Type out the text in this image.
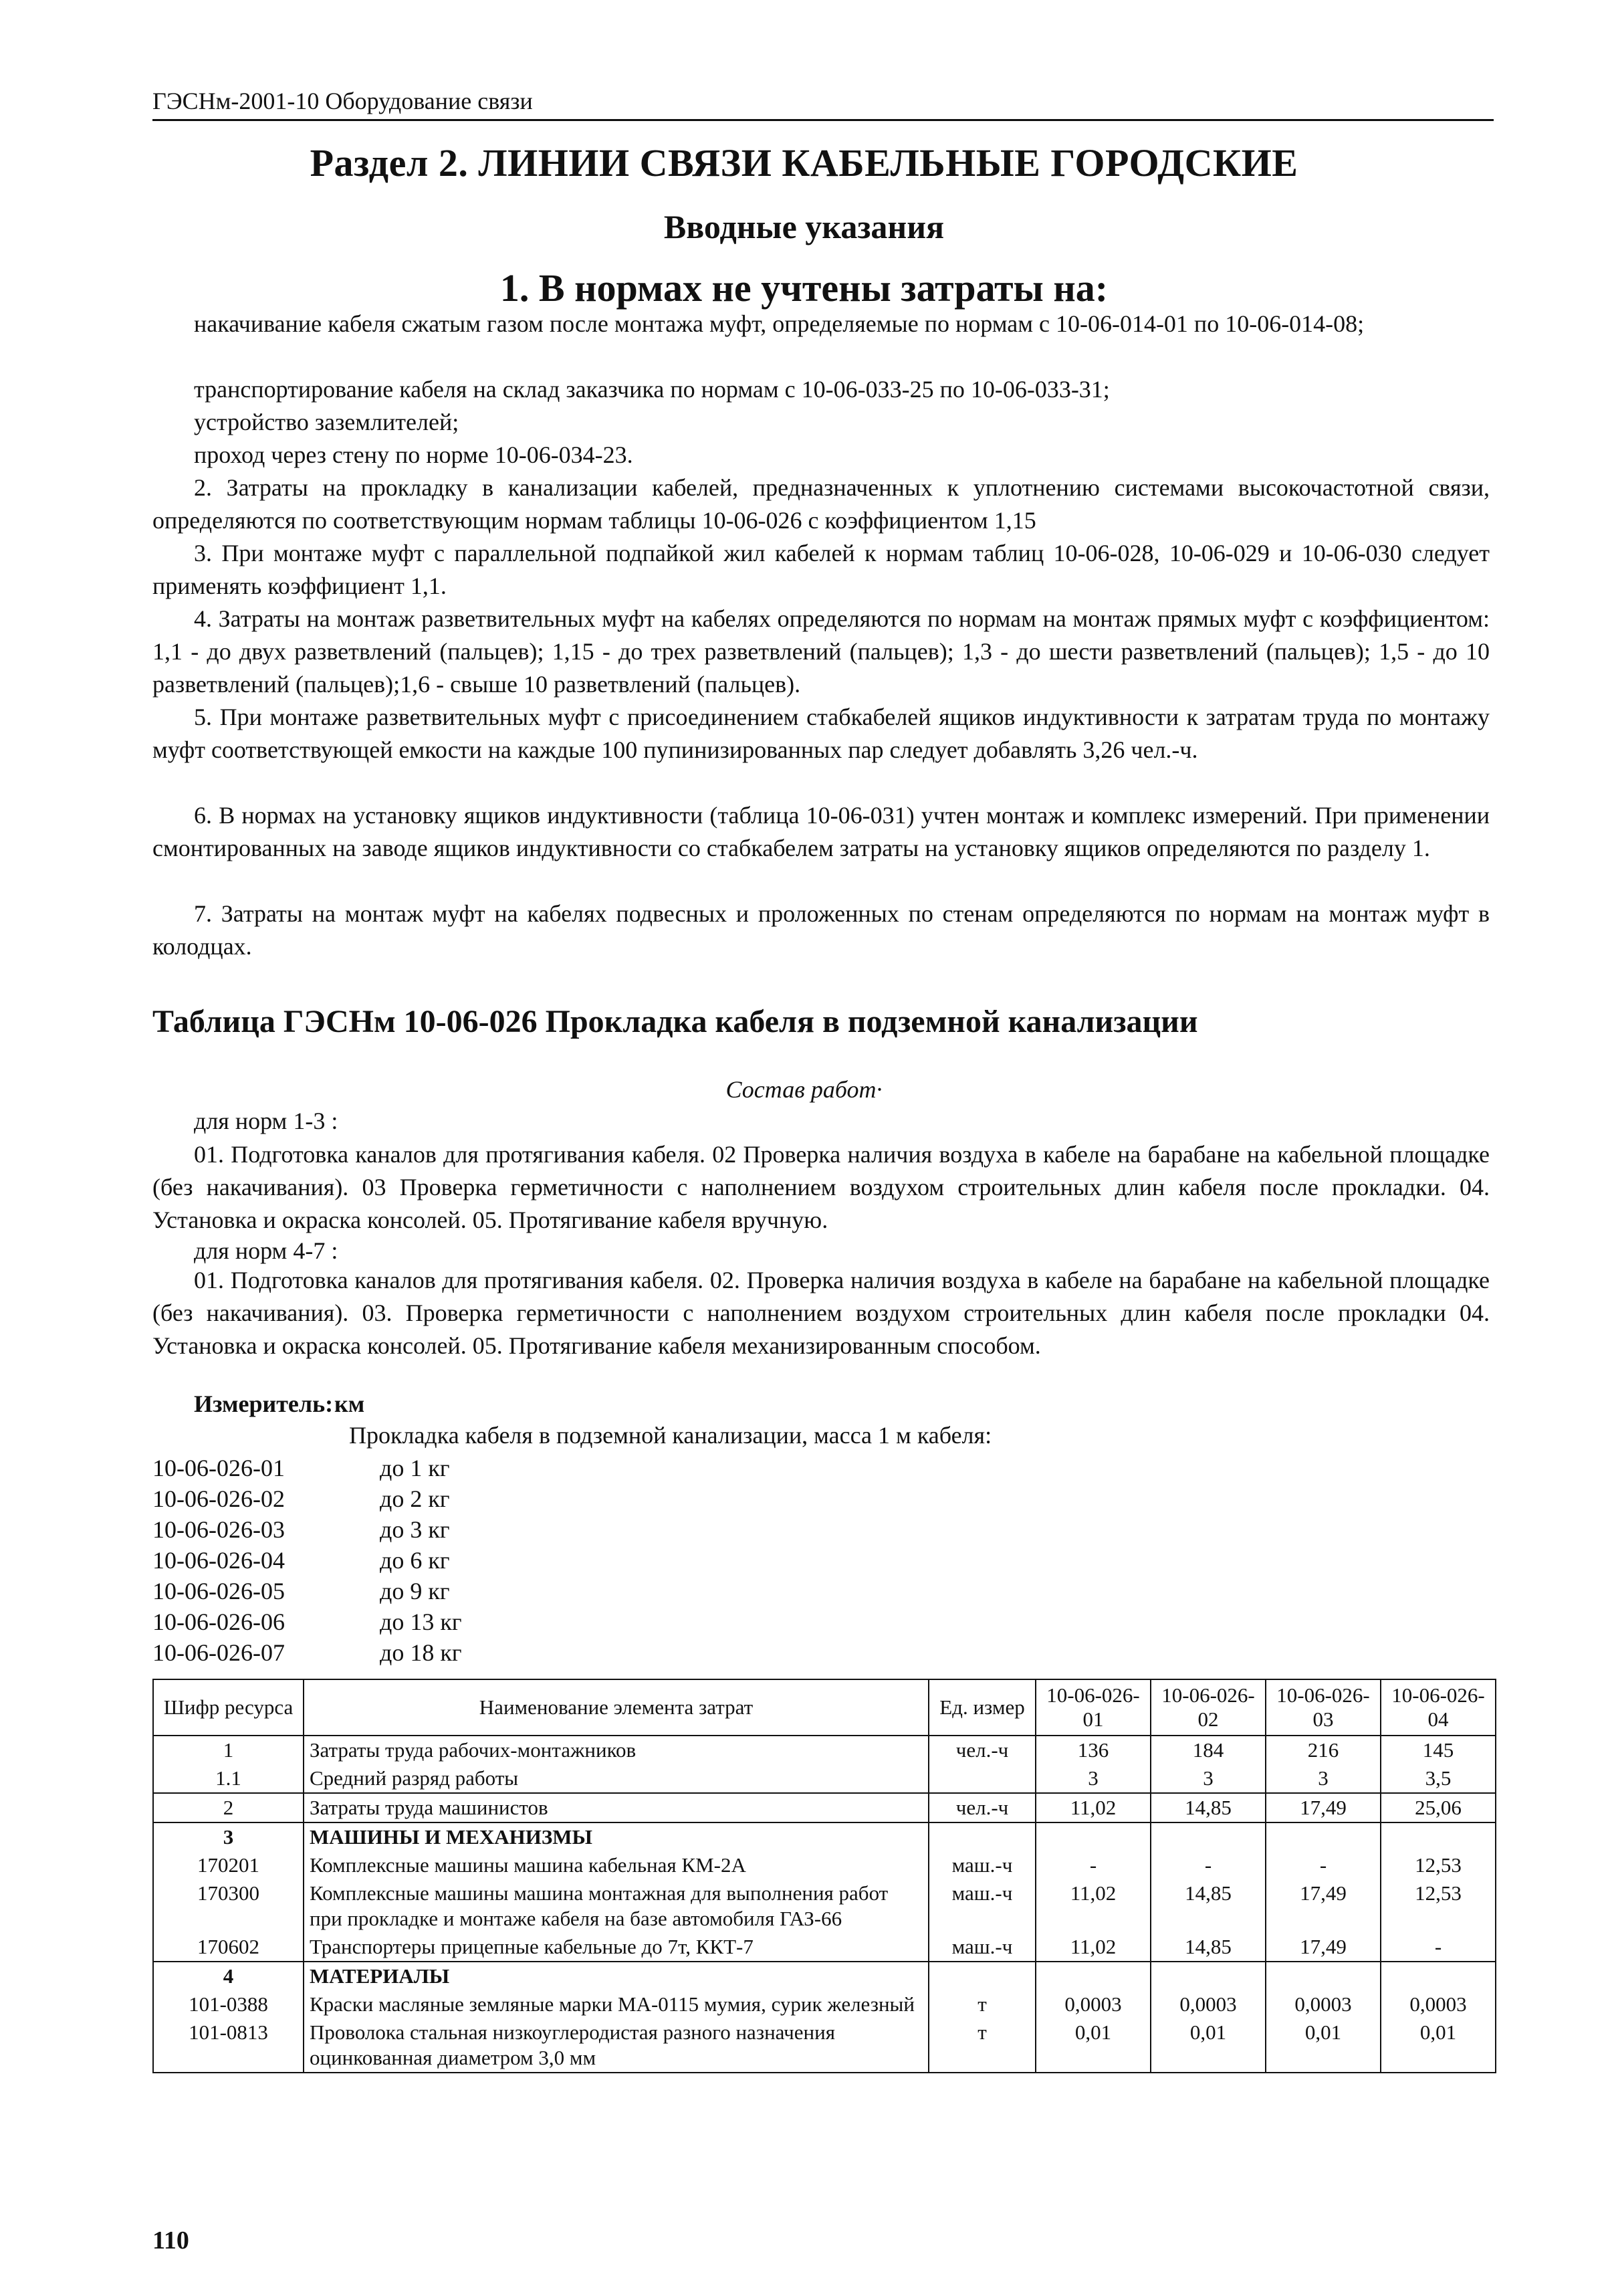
ГЭСНм-2001-10 Оборудование связи
Раздел 2. ЛИНИИ СВЯЗИ КАБЕЛЬНЫЕ ГОРОДСКИЕ
Вводные указания
1. В нормах не учтены затраты на:

накачивание кабеля сжатым газом после монтажа муфт, определяемые по нормам с 10-06-014-01 по 10-06-014-08;

транспортирование кабеля на склад заказчика по нормам с 10-06-033-25 по 10-06-033-31;

устройство заземлителей;

проход через стену по норме 10-06-034-23.

2. Затраты на прокладку в канализации кабелей, предназначенных к уплотнению системами высокочастотной связи, определяются по соответствующим нормам таблицы 10-06-026 с коэффициентом 1,15

3. При монтаже муфт с параллельной подпайкой жил кабелей к нормам таблиц 10-06-028, 10-06-029 и 10-06-030 следует применять коэффициент 1,1.

4. Затраты на монтаж разветвительных муфт на кабелях определяются по нормам на монтаж прямых муфт с коэффициентом: 1,1 - до двух разветвлений (пальцев); 1,15 - до трех разветвлений (пальцев); 1,3 - до шести разветвлений (пальцев); 1,5 - до 10 разветвлений (пальцев);1,6 - свыше 10 разветвлений (пальцев).

5. При монтаже разветвительных муфт с присоединением стабкабелей ящиков индуктивности к затратам труда по монтажу муфт соответствующей емкости на каждые 100 пупинизированных пар следует добавлять 3,26 чел.-ч.

6. В нормах на установку ящиков индуктивности (таблица 10-06-031) учтен монтаж и комплекс измерений. При применении смонтированных на заводе ящиков индуктивности со стабкабелем затраты на установку ящиков определяются по разделу 1.

7. Затраты на монтаж муфт на кабелях подвесных и проложенных по стенам определяются по нормам на монтаж муфт в колодцах.

Таблица ГЭСНм 10-06-026 Прокладка кабеля в подземной канализации
Состав работ·
для норм 1-3 :

01. Подготовка каналов для протягивания кабеля. 02 Проверка наличия воздуха в кабеле на барабане на кабельной площадке (без накачивания). 03 Проверка герметичности с наполнением воздухом строительных длин кабеля после прокладки. 04. Установка и окраска консолей. 05. Протягивание кабеля вручную.

для норм 4-7 :

01. Подготовка каналов для протягивания кабеля. 02. Проверка наличия воздуха в кабеле на барабане на кабельной площадке (без накачивания). 03. Проверка герметичности с наполнением воздухом строительных длин кабеля после прокладки 04. Установка и окраска консолей. 05. Протягивание кабеля механизированным способом.

Измеритель: км
Прокладка кабеля в подземной канализации, масса 1 м кабеля:
10-06-026-01	до 1 кг
10-06-026-02	до 2 кг
10-06-026-03	до 3 кг
10-06-026-04	до 6 кг
10-06-026-05	до 9 кг
10-06-026-06	до 13 кг
10-06-026-07	до 18 кг
Шифр ресурса	Наименование элемента затрат	Ед. измер	10-06-026-01	10-06-026-02	10-06-026-03	10-06-026-04
1	Затраты труда рабочих-монтажников	чел.-ч	136	184	216	145
1.1	Средний разряд работы		3	3	3	3,5
2	Затраты труда машинистов	чел.-ч	11,02	14,85	17,49	25,06
3	МАШИНЫ И МЕХАНИЗМЫ					
170201	Комплексные машины машина кабельная КМ-2А	маш.-ч	-	-	-	12,53
170300	Комплексные машины машина монтажная для выполнения работ при прокладке и монтаже кабеля на базе автомобиля ГАЗ-66	маш.-ч	11,02	14,85	17,49	12,53
170602	Транспортеры прицепные кабельные до 7т, ККТ-7	маш.-ч	11,02	14,85	17,49	-
4	МАТЕРИАЛЫ					
101-0388	Краски масляные земляные марки МА-0115 мумия, сурик железный	т	0,0003	0,0003	0,0003	0,0003
101-0813	Проволока стальная низкоуглеродистая разного назначения оцинкованная диаметром 3,0 мм	т	0,01	0,01	0,01	0,01
110
